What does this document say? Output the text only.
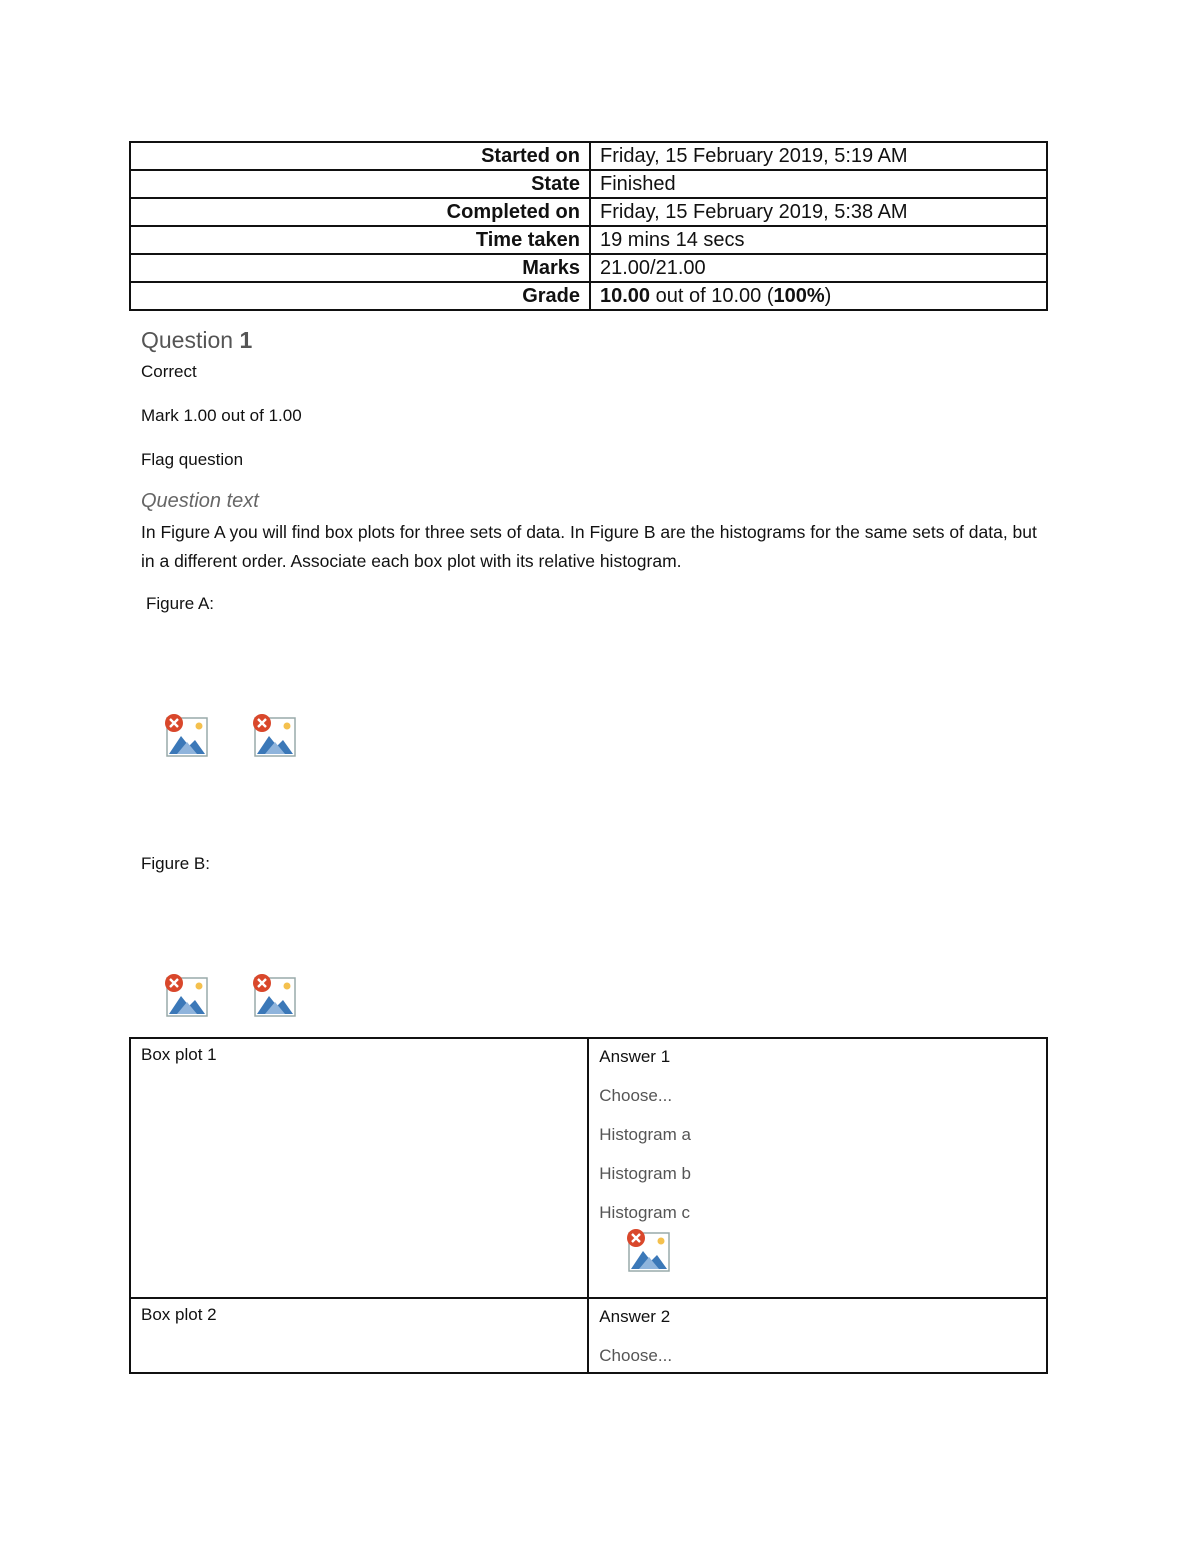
Started on	Friday, 15 February 2019, 5:19 AM
State	Finished
Completed on	Friday, 15 February 2019, 5:38 AM
Time taken	19 mins 14 secs
Marks	21.00/21.00
Grade	10.00 out of 10.00 (100%)
Question 1
Correct
Mark 1.00 out of 1.00
Flag question
Question text
In Figure A you will find box plots for three sets of data. In Figure B are the histograms for the same sets of data, but in a different order. Associate each box plot with its relative histogram.
Figure A:
Figure B:
Box plot 1	Answer 1
Choose...
Histogram a
Histogram b
Histogram c

Box plot 2	Answer 2
Choose...
